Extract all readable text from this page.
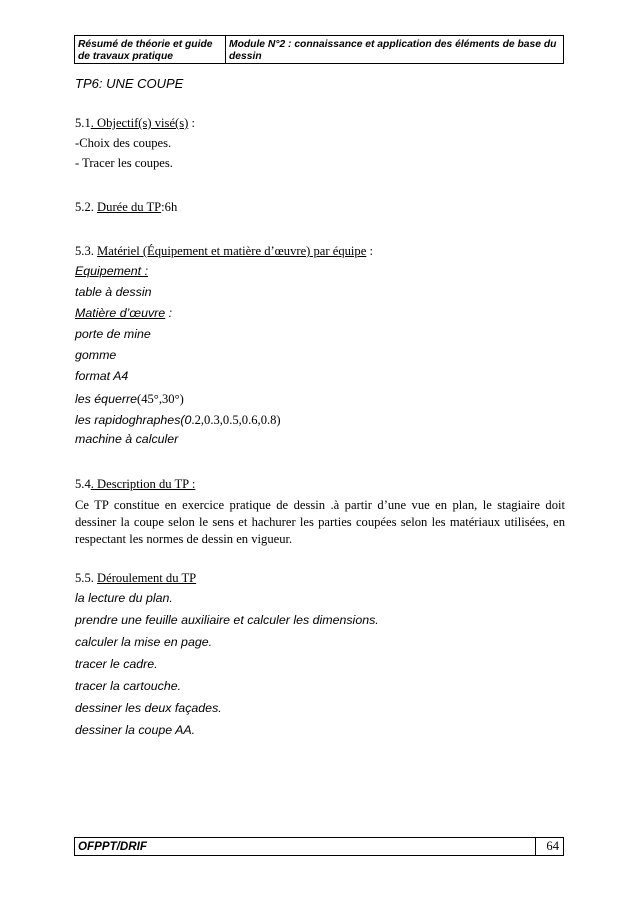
Résumé de théorie et guide de travaux pratique
Module N°2 : connaissance et application des éléments de base du dessin
TP6: UNE COUPE
5.1. Objectif(s) visé(s) :
-Choix des coupes.
- Tracer les coupes.
5.2. Durée du TP:6h
5.3. Matériel (Équipement et matière d’œuvre) par équipe :
Equipement :
table à dessin
Matière d’œuvre :
porte de mine
gomme
format A4
les équerre(45°,30°)
les rapidoghraphes(0.2,0.3,0.5,0.6,0.8)
machine à calculer
5.4. Description du TP :
Ce TP constitue en exercice pratique de dessin .à partir d’une vue en plan, le stagiaire doit dessiner la coupe selon le sens et hachurer les parties coupées selon les matériaux utilisées, en respectant les normes de dessin en vigueur.
5.5. Déroulement du TP
la lecture du plan.
prendre une feuille auxiliaire et calculer les dimensions.
calculer la mise en page.
tracer le cadre.
tracer la cartouche.
dessiner les deux façades.
dessiner la coupe AA.
OFPPT/DRIF	64
